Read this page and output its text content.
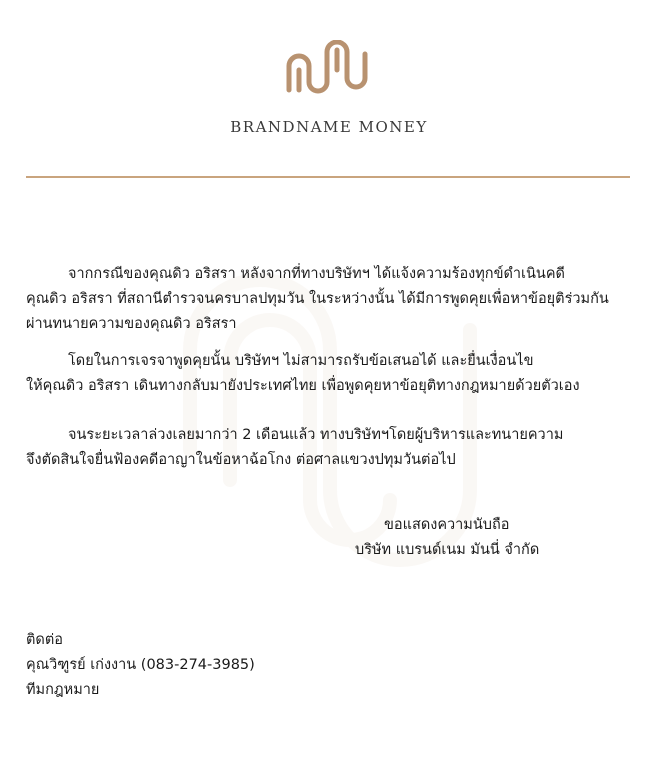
BRANDNAME MONEY

จากกรณีของคุณดิว อริสรา หลังจากที่ทางบริษัทฯ ได้แจ้งความร้องทุกข์ดำเนินคดี

คุณดิว อริสรา ที่สถานีตำรวจนครบาลปทุมวัน ในระหว่างนั้น ได้มีการพูดคุยเพื่อหาข้อยุติร่วมกัน

ผ่านทนายความของคุณดิว อริสรา

โดยในการเจรจาพูดคุยนั้น บริษัทฯ ไม่สามารถรับข้อเสนอได้ และยื่นเงื่อนไข

ให้คุณดิว อริสรา เดินทางกลับมายังประเทศไทย เพื่อพูดคุยหาข้อยุติทางกฎหมายด้วยตัวเอง

จนระยะเวลาล่วงเลยมากว่า 2 เดือนแล้ว ทางบริษัทฯโดยผู้บริหารและทนายความ

จึงตัดสินใจยื่นฟ้องคดีอาญาในข้อหาฉ้อโกง ต่อศาลแขวงปทุมวันต่อไป

ขอแสดงความนับถือ
บริษัท แบรนด์เนม มันนี่ จำกัด
ติดต่อ
คุณวิฑูรย์ เก่งงาน (083-274-3985)
ทีมกฎหมาย
